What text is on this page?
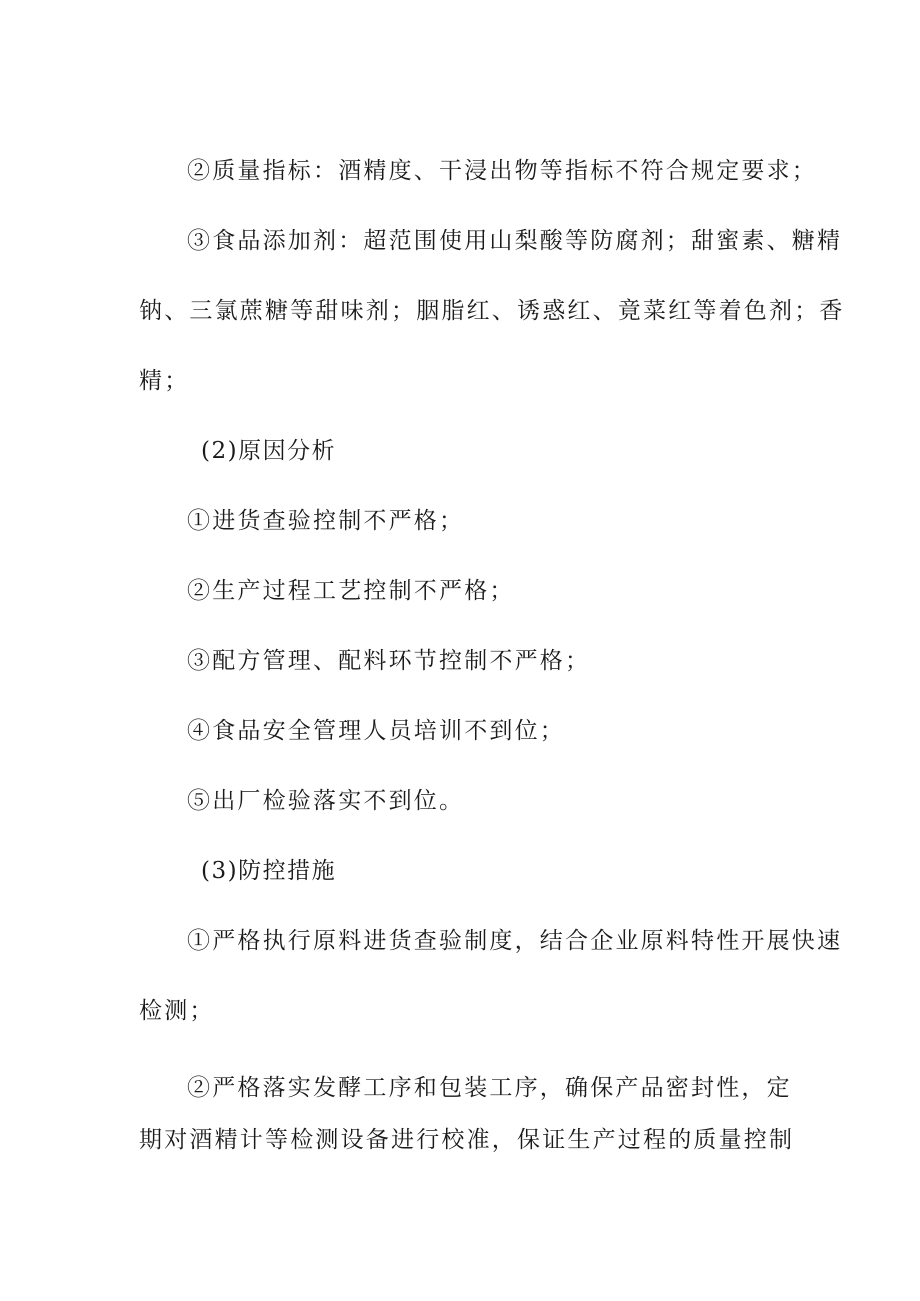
②质量指标：酒精度、干浸出物等指标不符合规定要求；
③食品添加剂：超范围使用山梨酸等防腐剂；甜蜜素、糖精
钠、三氯蔗糖等甜味剂；胭脂红、诱惑红、竟菜红等着色剂；香
精；
(2)原因分析
①进货查验控制不严格；
②生产过程工艺控制不严格；
③配方管理、配料环节控制不严格；
④食品安全管理人员培训不到位；
⑤出厂检验落实不到位。
(3)防控措施
①严格执行原料进货查验制度，结合企业原料特性开展快速
检测；
②严格落实发酵工序和包装工序，确保产品密封性，定
期对酒精计等检测设备进行校准，保证生产过程的质量控制
